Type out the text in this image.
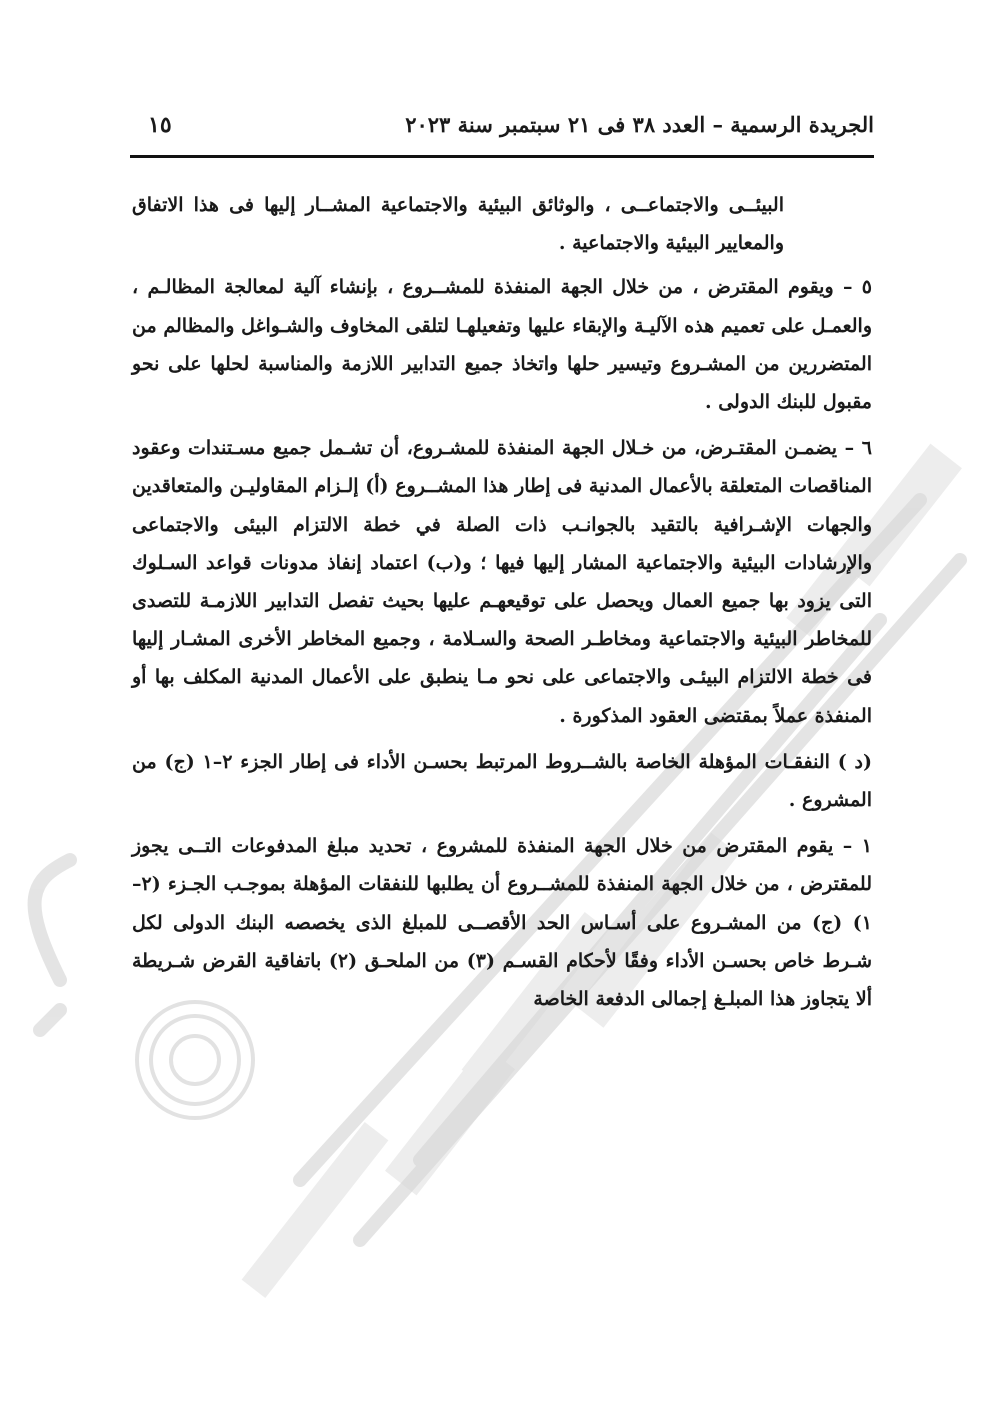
الجريدة الرسمية – العدد ٣٨ فى ٢١ سبتمبر سنة ٢٠٢٣
١٥

البيئــى والاجتماعــى ، والوثائق البيئية والاجتماعية المشــار إليها فى هذا الاتفاق والمعايير البيئية والاجتماعية .

٥ – ويقوم المقترض ، من خلال الجهة المنفذة للمشــروع ، بإنشاء آلية لمعالجة المظالـم ، والعمـل على تعميم هذه الآليـة والإبقاء عليها وتفعيلهـا لتلقى المخاوف والشـواغل والمظالم من المتضررين من المشـروع وتيسير حلها واتخاذ جميع التدابير اللازمة والمناسبة لحلها على نحو مقبول للبنك الدولى .

٦ – يضمـن المقتـرض، من خـلال الجهة المنفذة للمشـروع، أن تشـمل جميع مسـتندات وعقود المناقصات المتعلقة بالأعمال المدنية فى إطار هذا المشــروع (أ) إلـزام المقاوليـن والمتعاقدين والجهات الإشـرافية بالتقيد بالجوانـب ذات الصلة في خطة الالتزام البيئى والاجتماعى والإرشادات البيئية والاجتماعية المشار إليها فيها ؛ و(ب) اعتماد إنفاذ مدونات قواعد السـلوك التى يزود بها جميع العمال ويحصل على توقيعهـم عليها بحيث تفصل التدابير اللازمـة للتصدى للمخاطر البيئية والاجتماعية ومخاطـر الصحة والسـلامة ، وجميع المخاطر الأخرى المشـار إليها فى خطة الالتزام البيئـى والاجتماعى على نحو مـا ينطبق على الأعمال المدنية المكلف بها أو المنفذة عملاً بمقتضى العقود المذكورة .

(د ) النفقـات المؤهلة الخاصة بالشــروط المرتبط بحسـن الأداء فى إطار الجزء ٢–١ (ج) من المشروع .

١ – يقوم المقترض من خلال الجهة المنفذة للمشروع ، تحديد مبلغ المدفوعات التــى يجوز للمقترض ، من خلال الجهة المنفذة للمشــروع أن يطلبها للنفقات المؤهلة بموجـب الجـزء (٢–١) (ج) من المشـروع على أسـاس الحد الأقصــى للمبلغ الذى يخصصه البنك الدولى لكل شـرط خاص بحسـن الأداء وفقًا لأحكام القسـم (٣) من الملحـق (٢) باتفاقية القرض شـريطة ألا يتجاوز هذا المبلـغ إجمالى الدفعة الخاصة
